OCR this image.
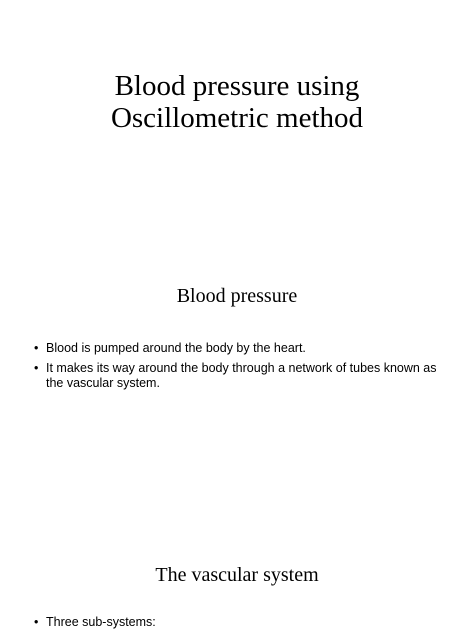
Blood pressure using
Oscillometric method
Blood pressure
• Blood is pumped around the body by the heart.
• It makes its way around the body through a network of tubes known as the vascular system.
The vascular system
• Three sub-systems:
